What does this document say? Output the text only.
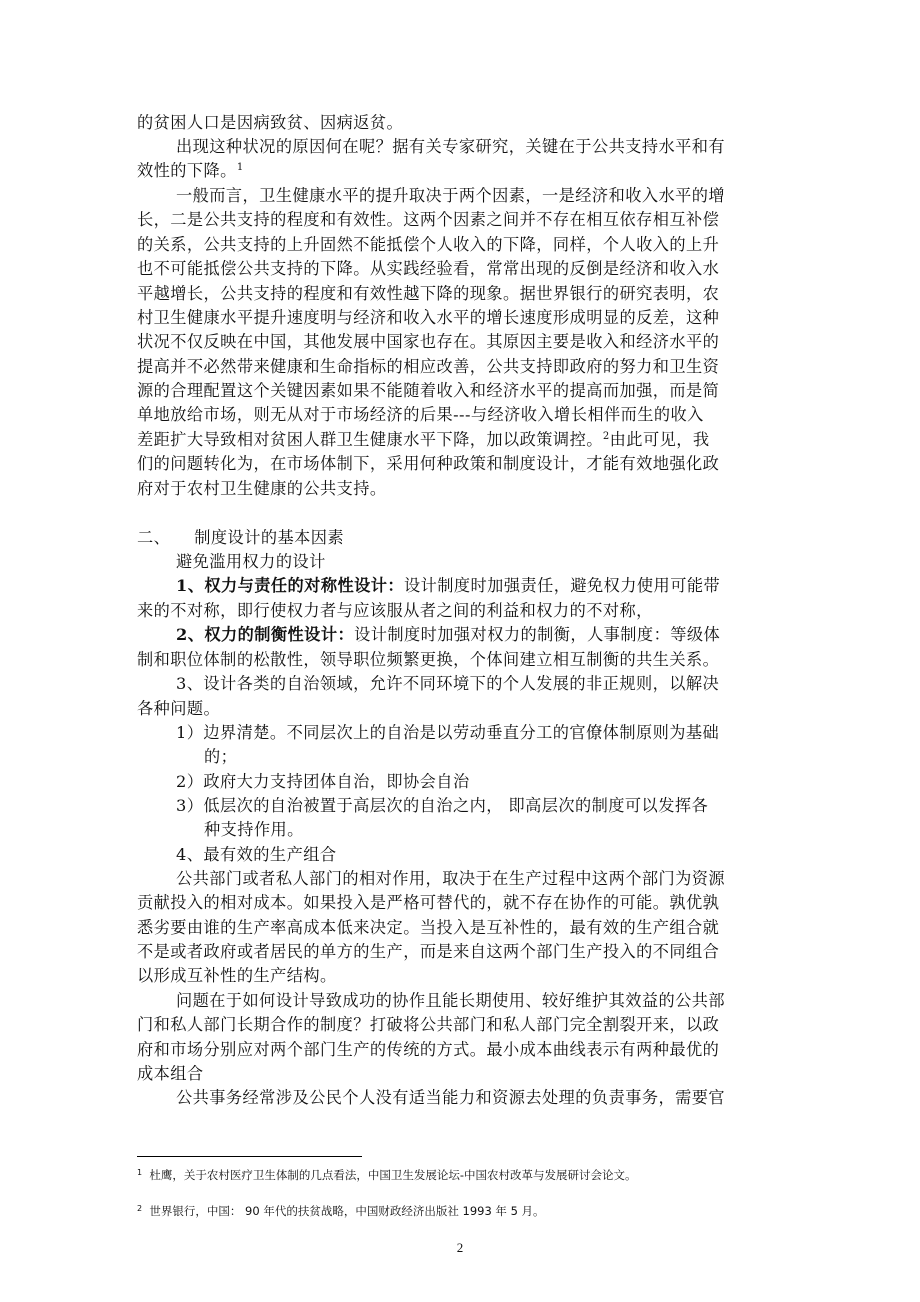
的贫困人口是因病致贫、因病返贫。
出现这种状况的原因何在呢？据有关专家研究，关键在于公共支持水平和有
效性的下降。$^1$
一般而言，卫生健康水平的提升取决于两个因素，一是经济和收入水平的增
长，二是公共支持的程度和有效性。这两个因素之间并不存在相互依存相互补偿
的关系，公共支持的上升固然不能抵偿个人收入的下降，同样，个人收入的上升
也不可能抵偿公共支持的下降。从实践经验看，常常出现的反倒是经济和收入水
平越增长，公共支持的程度和有效性越下降的现象。据世界银行的研究表明，农
村卫生健康水平提升速度明与经济和收入水平的增长速度形成明显的反差，这种
状况不仅反映在中国，其他发展中国家也存在。其原因主要是收入和经济水平的
提高并不必然带来健康和生命指标的相应改善，公共支持即政府的努力和卫生资
源的合理配置这个关键因素如果不能随着收入和经济水平的提高而加强，而是简
单地放给市场，则无从对于市场经济的后果---与经济收入增长相伴而生的收入
差距扩大导致相对贫困人群卫生健康水平下降，加以政策调控。$^2$由此可见，我
们的问题转化为，在市场体制下，采用何种政策和制度设计，才能有效地强化政
府对于农村卫生健康的公共支持。
二、 制度设计的基本因素
避免滥用权力的设计
1、权力与责任的对称性设计：设计制度时加强责任，避免权力使用可能带
来的不对称，即行使权力者与应该服从者之间的利益和权力的不对称，
2、权力的制衡性设计：设计制度时加强对权力的制衡，人事制度：等级体
制和职位体制的松散性，领导职位频繁更换，个体间建立相互制衡的共生关系。
3、设计各类的自治领域，允许不同环境下的个人发展的非正规则，以解决
各种问题。
1）边界清楚。不同层次上的自治是以劳动垂直分工的官僚体制原则为基础
的；
2）政府大力支持团体自治，即协会自治
3）低层次的自治被置于高层次的自治之内， 即高层次的制度可以发挥各
种支持作用。
4、最有效的生产组合
公共部门或者私人部门的相对作用，取决于在生产过程中这两个部门为资源
贡献投入的相对成本。如果投入是严格可替代的，就不存在协作的可能。孰优孰
悉劣要由谁的生产率高成本低来决定。当投入是互补性的，最有效的生产组合就
不是或者政府或者居民的单方的生产，而是来自这两个部门生产投入的不同组合
以形成互补性的生产结构。
问题在于如何设计导致成功的协作且能长期使用、较好维护其效益的公共部
门和私人部门长期合作的制度？打破将公共部门和私人部门完全割裂开来，以政
府和市场分别应对两个部门生产的传统的方式。最小成本曲线表示有两种最优的
成本组合
公共事务经常涉及公民个人没有适当能力和资源去处理的负责事务，需要官
$^1$ 杜鹰，关于农村医疗卫生体制的几点看法，中国卫生发展论坛-中国农村改革与发展研讨会论文。
$^2$ 世界银行，中国： 90 年代的扶贫战略，中国财政经济出版社 1993 年 5 月。
2
